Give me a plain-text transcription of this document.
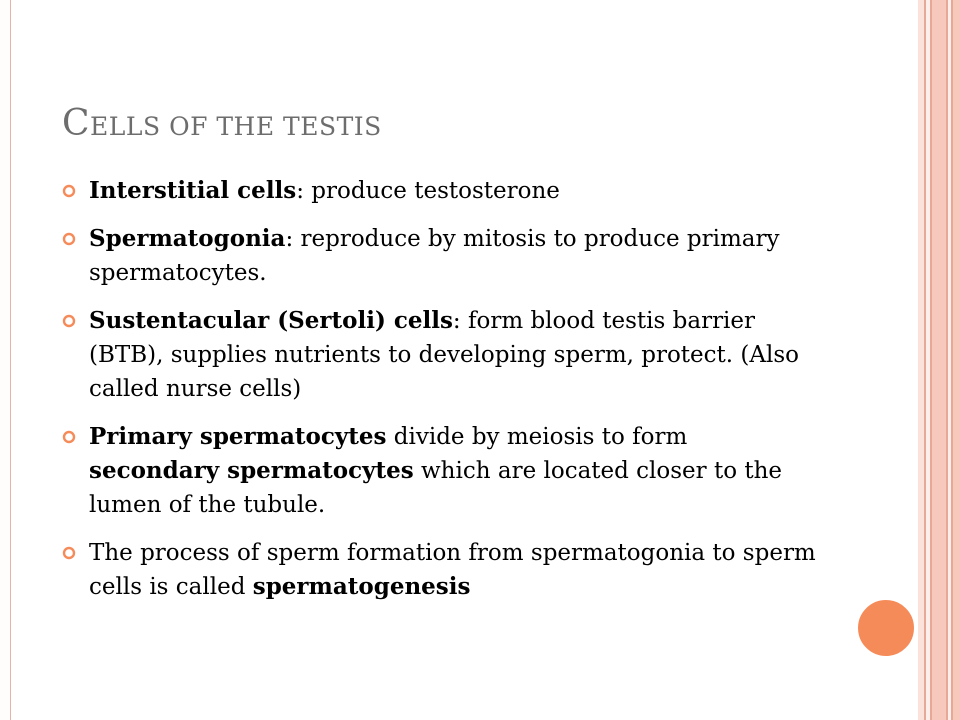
CELLS OF THE TESTIS
Interstitial cells: produce testosterone
Spermatogonia: reproduce by mitosis to produce primary spermatocytes.
Sustentacular (Sertoli) cells: form blood testis barrier (BTB), supplies nutrients to developing sperm, protect. (Also called nurse cells)
Primary spermatocytes divide by meiosis to form secondary spermatocytes which are located closer to the lumen of the tubule.
The process of sperm formation from spermatogonia to sperm cells is called spermatogenesis
